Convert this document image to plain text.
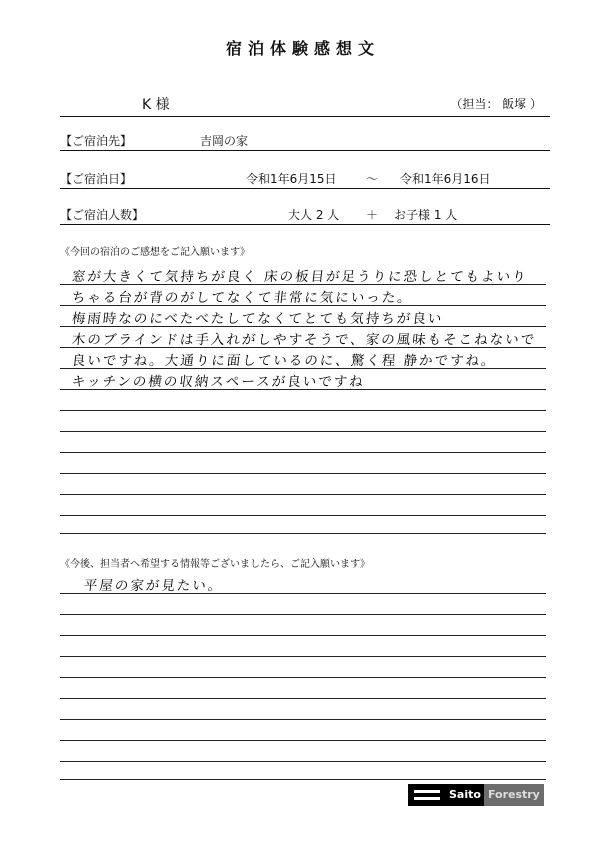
宿泊体験感想文
K 様	（担当： 飯塚 ）
【ご宿泊先】	吉岡の家
【ご宿泊日】	令和1年6月15日 〜 令和1年6月16日
【ご宿泊人数】	大人 2 人 ＋ お子様 1 人
《今回の宿泊のご感想をご記入願います》
窓が大きくて気持ちが良く 床の板目が足うりに恐しとてもよいり
ちゃる台が背のがしてなくて非常に気にいった。
梅雨時なのにべたべたしてなくてとても気持ちが良い
木のブラインドは手入れがしやすそうで、家の風味もそこねないで
良いですね。大通りに面しているのに、驚く程 静かですね。
キッチンの横の収納スペースが良いですね
《今後、担当者へ希望する情報等ございましたら、ご記入願います》
平屋の家が見たい。
Saito Forestry
